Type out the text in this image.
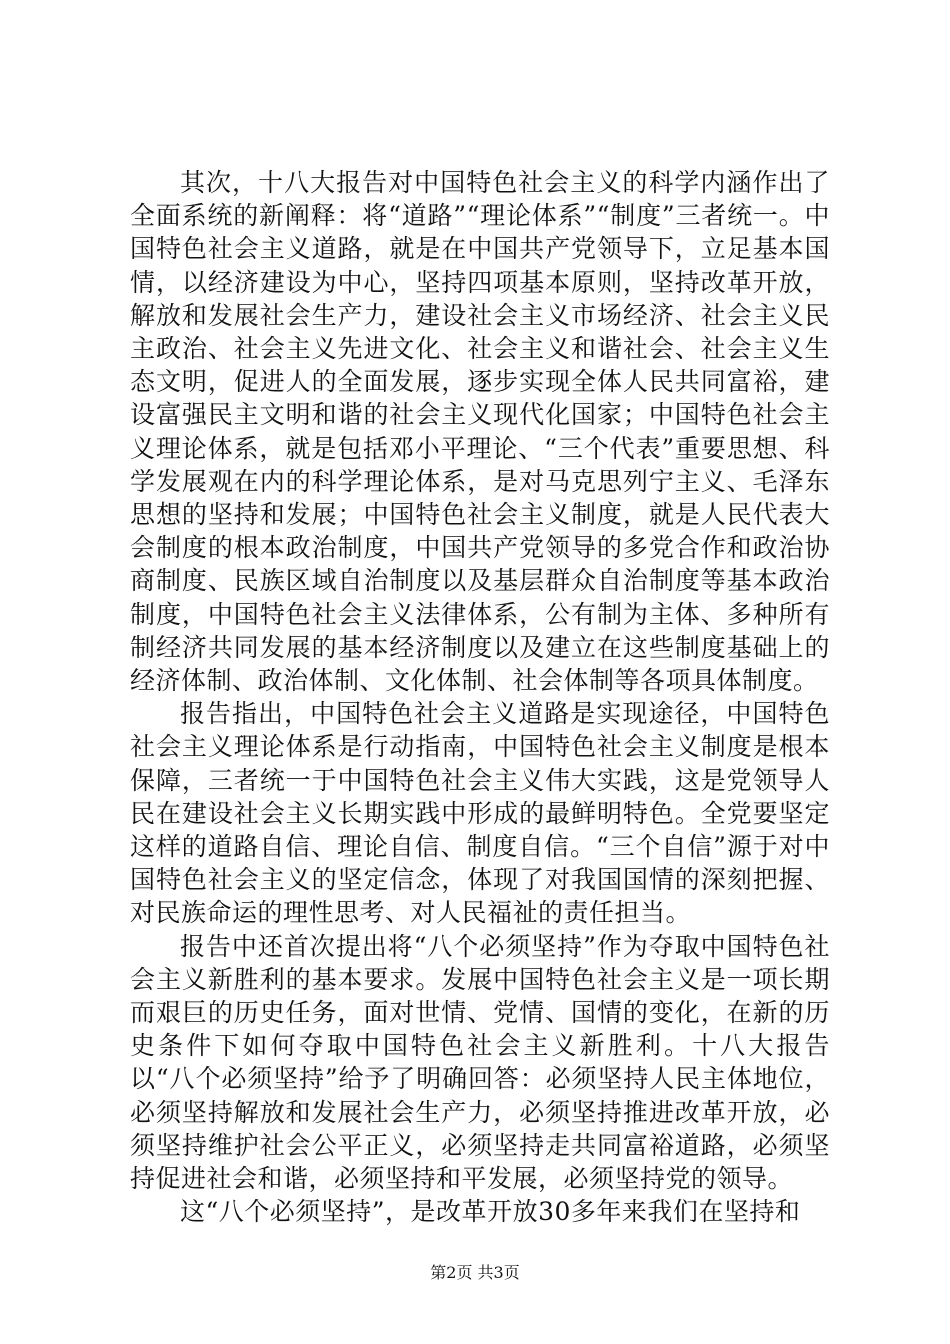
其次，十八大报告对中国特色社会主义的科学内涵作出了全面系统的新阐释：将“道路”“理论体系”“制度”三者统一。中国特色社会主义道路，就是在中国共产党领导下，立足基本国情，以经济建设为中心，坚持四项基本原则，坚持改革开放，解放和发展社会生产力，建设社会主义市场经济、社会主义民主政治、社会主义先进文化、社会主义和谐社会、社会主义生态文明，促进人的全面发展，逐步实现全体人民共同富裕，建设富强民主文明和谐的社会主义现代化国家；中国特色社会主义理论体系，就是包括邓小平理论、“三个代表”重要思想、科学发展观在内的科学理论体系，是对马克思列宁主义、毛泽东思想的坚持和发展；中国特色社会主义制度，就是人民代表大会制度的根本政治制度，中国共产党领导的多党合作和政治协商制度、民族区域自治制度以及基层群众自治制度等基本政治制度，中国特色社会主义法律体系，公有制为主体、多种所有制经济共同发展的基本经济制度以及建立在这些制度基础上的经济体制、政治体制、文化体制、社会体制等各项具体制度。

报告指出，中国特色社会主义道路是实现途径，中国特色社会主义理论体系是行动指南，中国特色社会主义制度是根本保障，三者统一于中国特色社会主义伟大实践，这是党领导人民在建设社会主义长期实践中形成的最鲜明特色。全党要坚定这样的道路自信、理论自信、制度自信。“三个自信”源于对中国特色社会主义的坚定信念，体现了对我国国情的深刻把握、对民族命运的理性思考、对人民福祉的责任担当。

报告中还首次提出将“八个必须坚持”作为夺取中国特色社会主义新胜利的基本要求。发展中国特色社会主义是一项长期而艰巨的历史任务，面对世情、党情、国情的变化，在新的历史条件下如何夺取中国特色社会主义新胜利。十八大报告以“八个必须坚持”给予了明确回答：必须坚持人民主体地位，必须坚持解放和发展社会生产力，必须坚持推进改革开放，必须坚持维护社会公平正义，必须坚持走共同富裕道路，必须坚持促进社会和谐，必须坚持和平发展，必须坚持党的领导。

这“八个必须坚持”，是改革开放30多年来我们在坚持和

第2页 共3页
